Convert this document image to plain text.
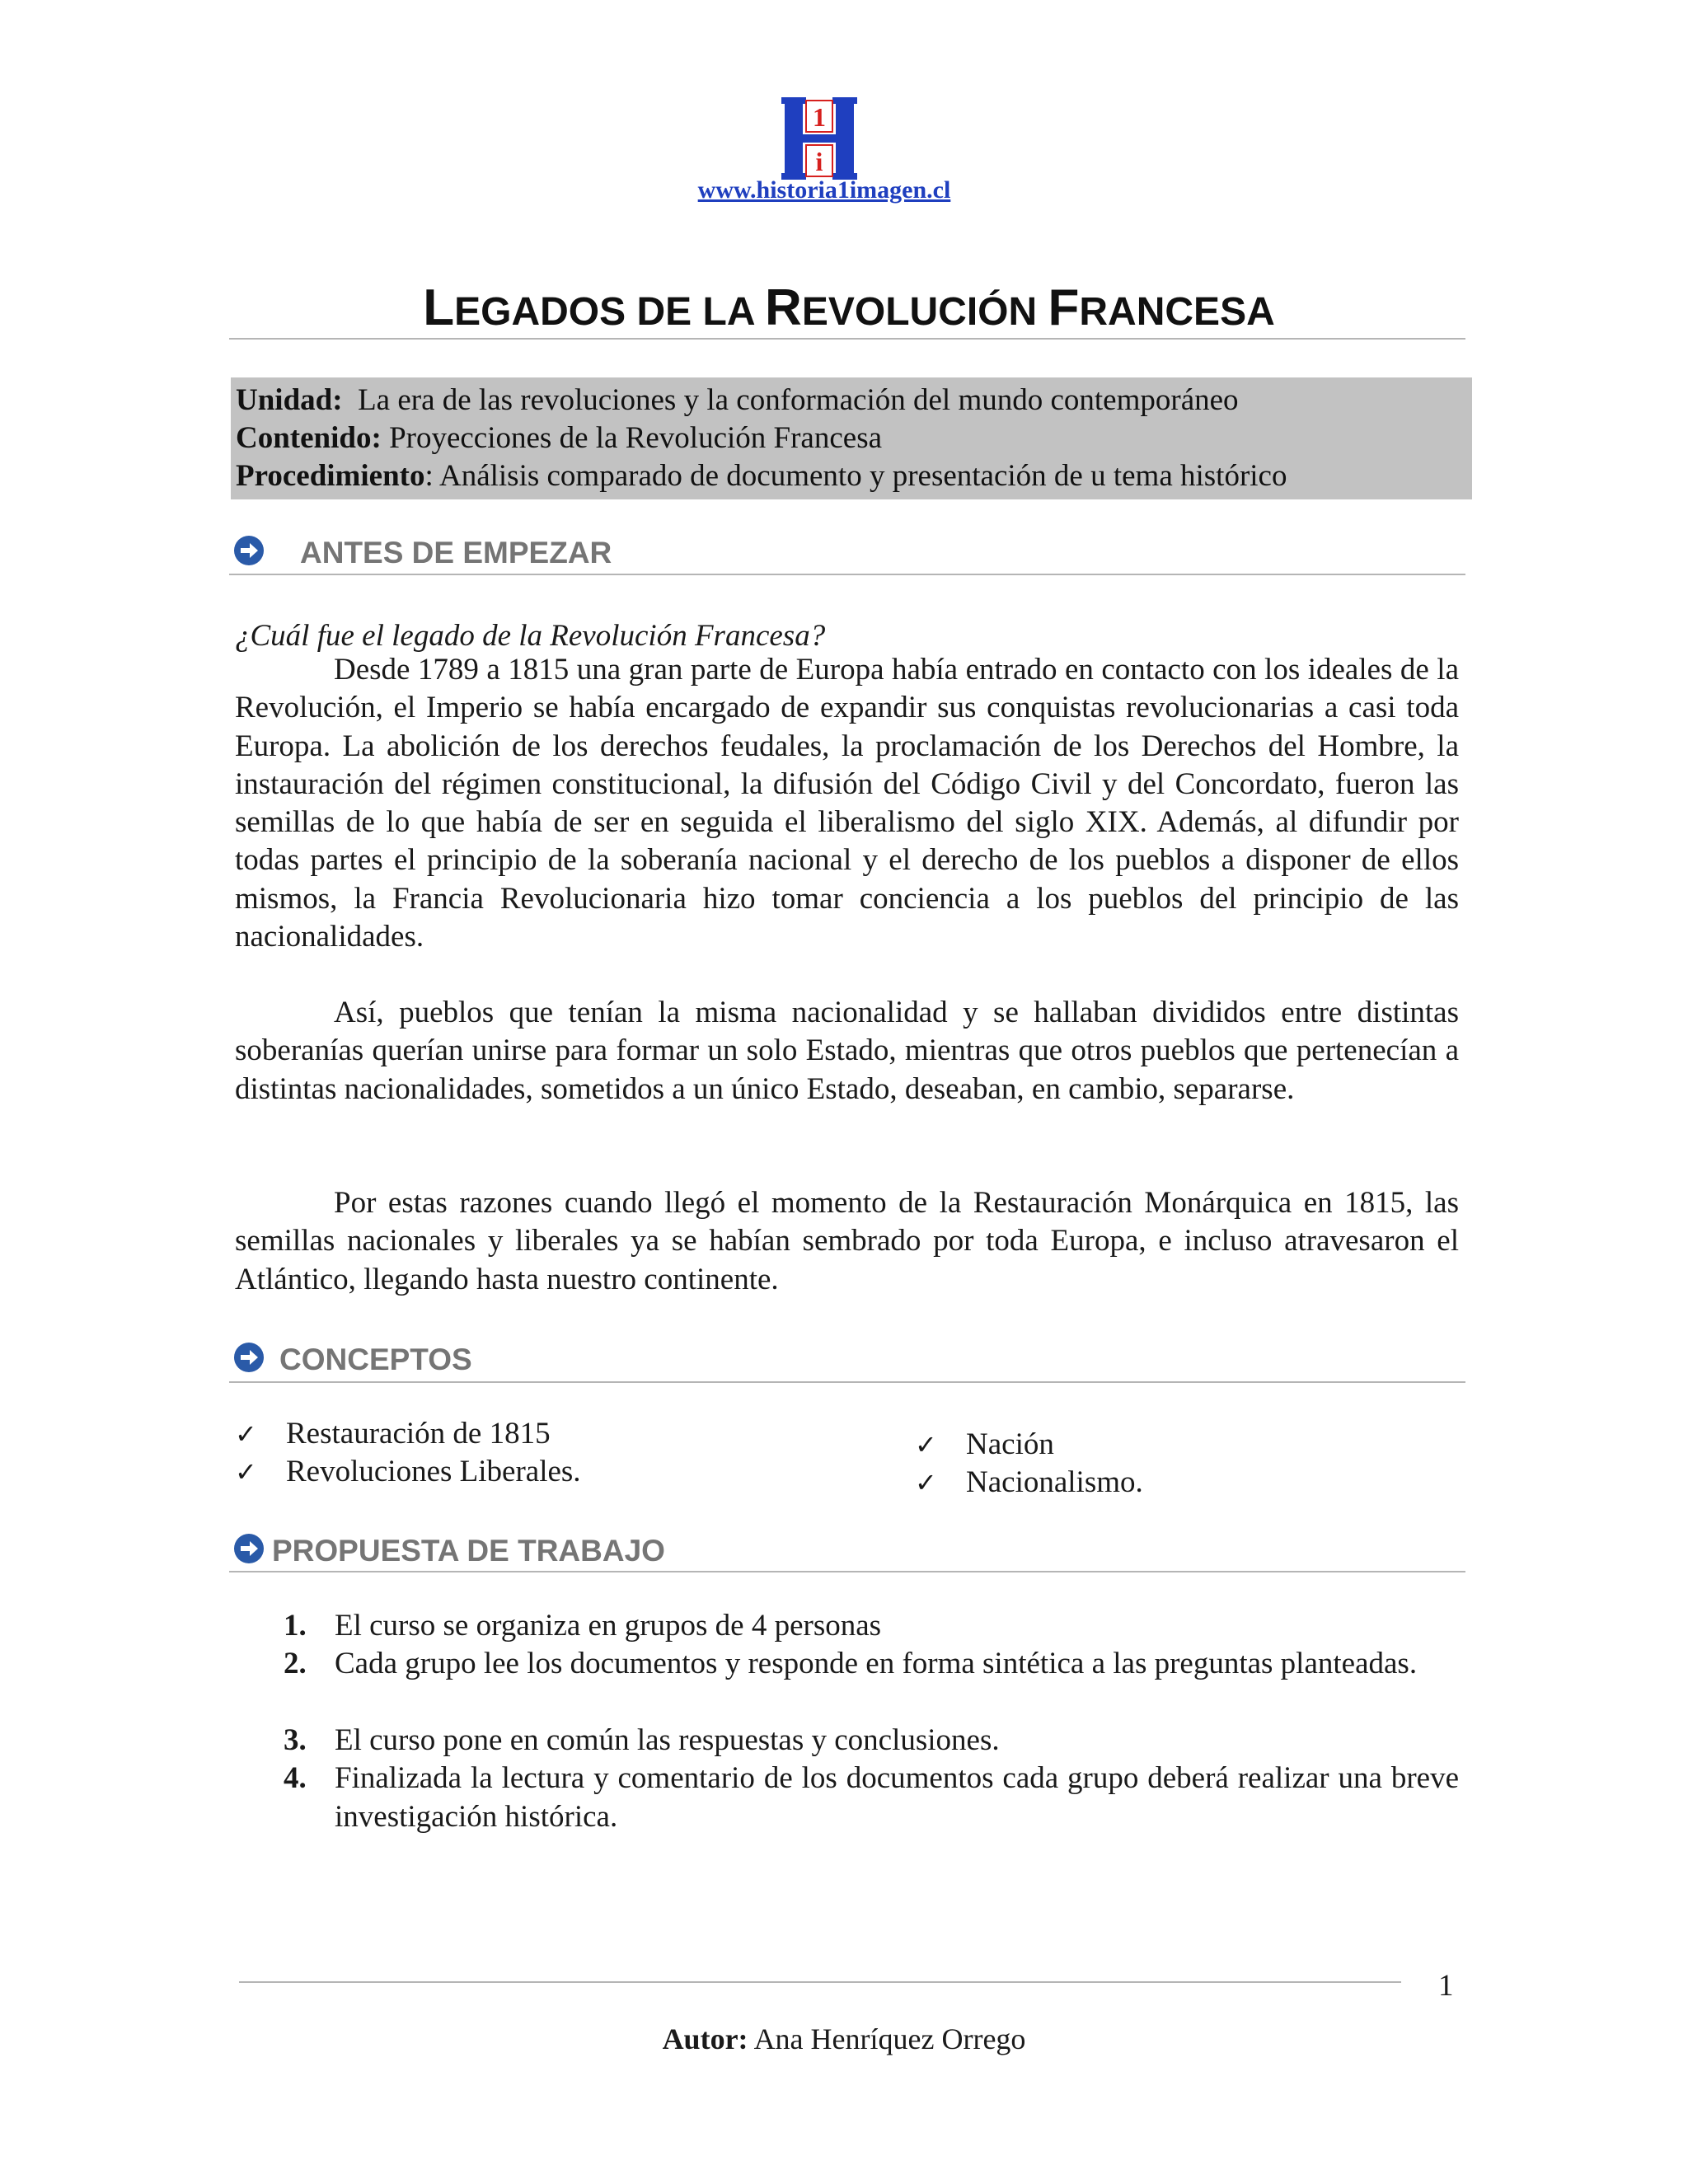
1
i
www.historia1imagen.cl
LEGADOS DE LA REVOLUCIÓN FRANCESA
Unidad: La era de las revoluciones y la conformación del mundo contemporáneo
Contenido: Proyecciones de la Revolución Francesa
Procedimiento: Análisis comparado de documento y presentación de u tema histórico
ANTES DE EMPEZAR
¿Cuál fue el legado de la Revolución Francesa?
Desde 1789 a 1815 una gran parte de Europa había entrado en contacto con los ideales de la Revolución, el Imperio se había encargado de expandir sus conquistas revolucionarias a casi toda Europa. La abolición de los derechos feudales, la proclamación de los Derechos del Hombre, la instauración del régimen constitucional, la difusión del Código Civil y del Concordato, fueron las semillas de lo que había de ser en seguida el liberalismo del siglo XIX. Además, al difundir por todas partes el principio de la soberanía nacional y el derecho de los pueblos a disponer de ellos mismos, la Francia Revolucionaria hizo tomar conciencia a los pueblos del principio de las nacionalidades.
Así, pueblos que tenían la misma nacionalidad y se hallaban divididos entre distintas soberanías querían unirse para formar un solo Estado, mientras que otros pueblos que pertenecían a distintas nacionalidades, sometidos a un único Estado, deseaban, en cambio, separarse.
Por estas razones cuando llegó el momento de la Restauración Monárquica en 1815, las semillas nacionales y liberales ya se habían sembrado por toda Europa, e incluso atravesaron el Atlántico, llegando hasta nuestro continente.
CONCEPTOS
✓ Restauración de 1815
✓ Revoluciones Liberales.
✓ Nación
✓ Nacionalismo.
PROPUESTA DE TRABAJO
1. El curso se organiza en grupos de 4 personas
2. Cada grupo lee los documentos y responde en forma sintética a las preguntas planteadas.
3. El curso pone en común las respuestas y conclusiones.
4. Finalizada la lectura y comentario de los documentos cada grupo deberá realizar una breve investigación histórica.
1
Autor: Ana Henríquez Orrego
